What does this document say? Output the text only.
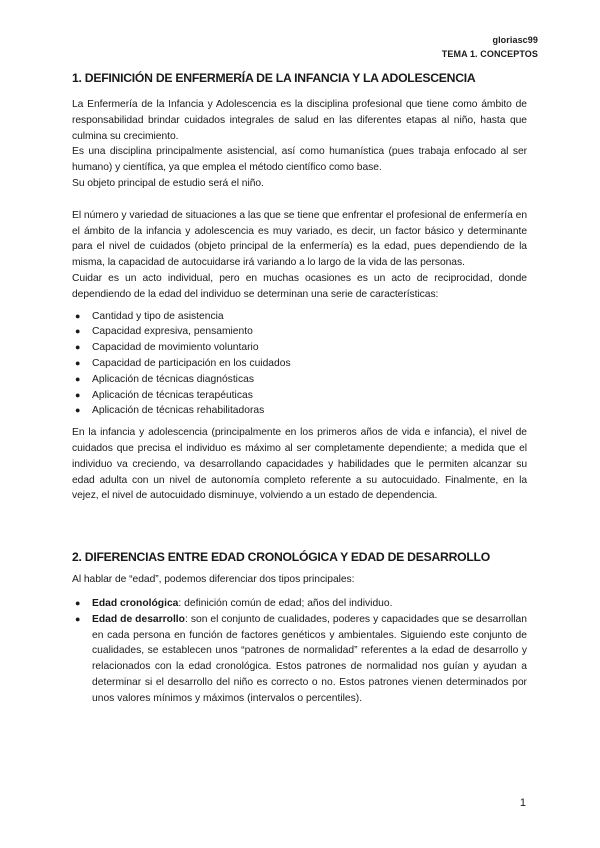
gloriasc99
TEMA 1. CONCEPTOS
1. DEFINICIÓN DE ENFERMERÍA DE LA INFANCIA Y LA ADOLESCENCIA

La Enfermería de la Infancia y Adolescencia es la disciplina profesional que tiene como ámbito de responsabilidad brindar cuidados integrales de salud en las diferentes etapas al niño, hasta que culmina su crecimiento.

Es una disciplina principalmente asistencial, así como humanística (pues trabaja enfocado al ser humano) y científica, ya que emplea el método científico como base.

Su objeto principal de estudio será el niño.

El número y variedad de situaciones a las que se tiene que enfrentar el profesional de enfermería en el ámbito de la infancia y adolescencia es muy variado, es decir, un factor básico y determinante para el nivel de cuidados (objeto principal de la enfermería) es la edad, pues dependiendo de la misma, la capacidad de autocuidarse irá variando a lo largo de la vida de las personas.

Cuidar es un acto individual, pero en muchas ocasiones es un acto de reciprocidad, donde dependiendo de la edad del individuo se determinan una serie de características:

● Cantidad y tipo de asistencia
● Capacidad expresiva, pensamiento
● Capacidad de movimiento voluntario
● Capacidad de participación en los cuidados
● Aplicación de técnicas diagnósticas
● Aplicación de técnicas terapéuticas
● Aplicación de técnicas rehabilitadoras

En la infancia y adolescencia (principalmente en los primeros años de vida e infancia), el nivel de cuidados que precisa el individuo es máximo al ser completamente dependiente; a medida que el individuo va creciendo, va desarrollando capacidades y habilidades que le permiten alcanzar su edad adulta con un nivel de autonomía completo referente a su autocuidado. Finalmente, en la vejez, el nivel de autocuidado disminuye, volviendo a un estado de dependencia.

2. DIFERENCIAS ENTRE EDAD CRONOLÓGICA Y EDAD DE DESARROLLO

Al hablar de “edad”, podemos diferenciar dos tipos principales:

● Edad cronológica: definición común de edad; años del individuo.
● Edad de desarrollo: son el conjunto de cualidades, poderes y capacidades que se desarrollan en cada persona en función de factores genéticos y ambientales. Siguiendo este conjunto de cualidades, se establecen unos “patrones de normalidad” referentes a la edad de desarrollo y relacionados con la edad cronológica. Estos patrones de normalidad nos guían y ayudan a determinar si el desarrollo del niño es correcto o no. Estos patrones vienen determinados por unos valores mínimos y máximos (intervalos o percentiles).
1
